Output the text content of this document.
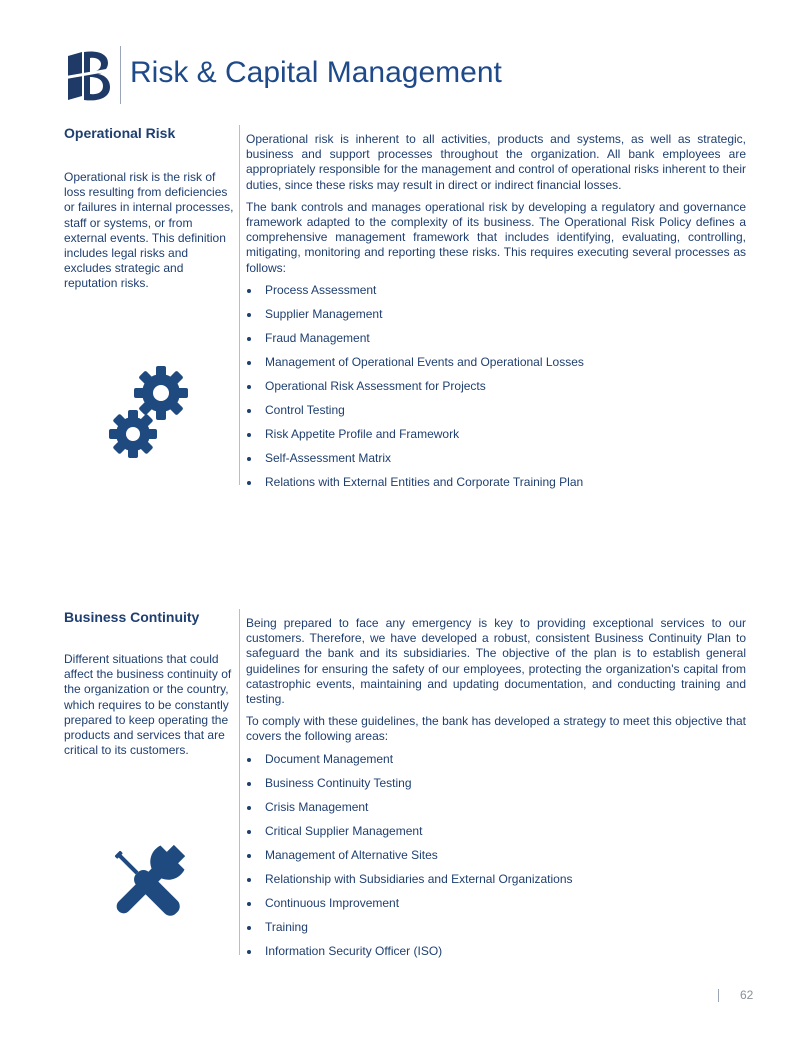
Risk & Capital Management
Operational Risk
Operational risk is the risk of loss resulting from deficiencies or failures in internal processes, staff or systems, or from external events. This definition includes legal risks and excludes strategic and reputation risks.

Operational risk is inherent to all activities, products and systems, as well as strategic, business and support processes throughout the organization. All bank employees are appropriately responsible for the management and control of operational risks inherent to their duties, since these risks may result in direct or indirect financial losses.

The bank controls and manages operational risk by developing a regulatory and governance framework adapted to the complexity of its business. The Operational Risk Policy defines a comprehensive management framework that includes identifying, evaluating, controlling, mitigating, monitoring and reporting these risks. This requires executing several processes as follows:

Process Assessment
Supplier Management
Fraud Management
Management of Operational Events and Operational Losses
Operational Risk Assessment for Projects
Control Testing
Risk Appetite Profile and Framework
Self-Assessment Matrix
Relations with External Entities and Corporate Training Plan
Business Continuity
Different situations that could affect the business continuity of the organization or the country, which requires to be constantly prepared to keep operating the products and services that are critical to its customers.

Being prepared to face any emergency is key to providing exceptional services to our customers. Therefore, we have developed a robust, consistent Business Continuity Plan to safeguard the bank and its subsidiaries. The objective of the plan is to establish general guidelines for ensuring the safety of our employees, protecting the organization's capital from catastrophic events, maintaining and updating documentation, and conducting training and testing.

To comply with these guidelines, the bank has developed a strategy to meet this objective that covers the following areas:

Document Management
Business Continuity Testing
Crisis Management
Critical Supplier Management
Management of Alternative Sites
Relationship with Subsidiaries and External Organizations
Continuous Improvement
Training
Information Security Officer (ISO)
62
